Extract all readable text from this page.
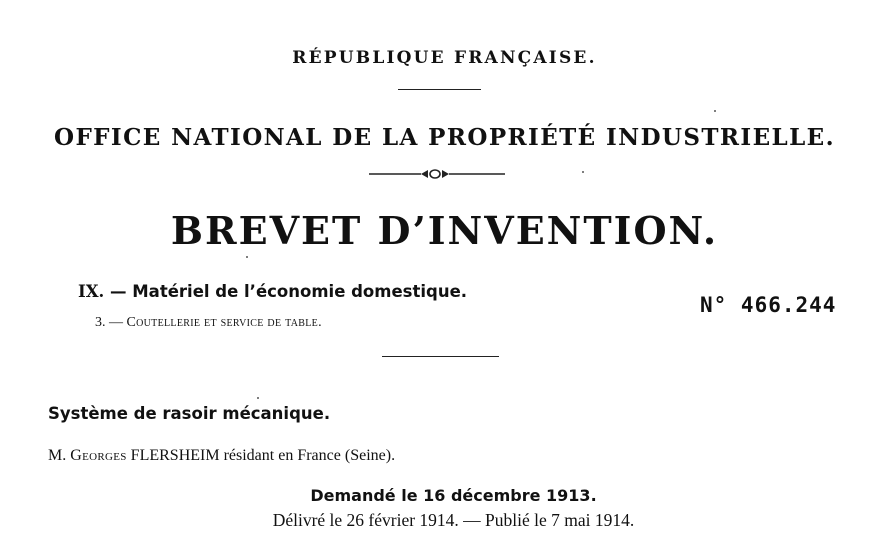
RÉPUBLIQUE FRANÇAISE.
OFFICE NATIONAL DE LA PROPRIÉTÉ INDUSTRIELLE.
BREVET D’INVENTION.
IX. — Matériel de l’économie domestique.
3. — Coutellerie et service de table.
N° 466.244
Système de rasoir mécanique.
M. Georges FLERSHEIM résidant en France (Seine).
Demandé le 16 décembre 1913.
Délivré le 26 février 1914. — Publié le 7 mai 1914.
